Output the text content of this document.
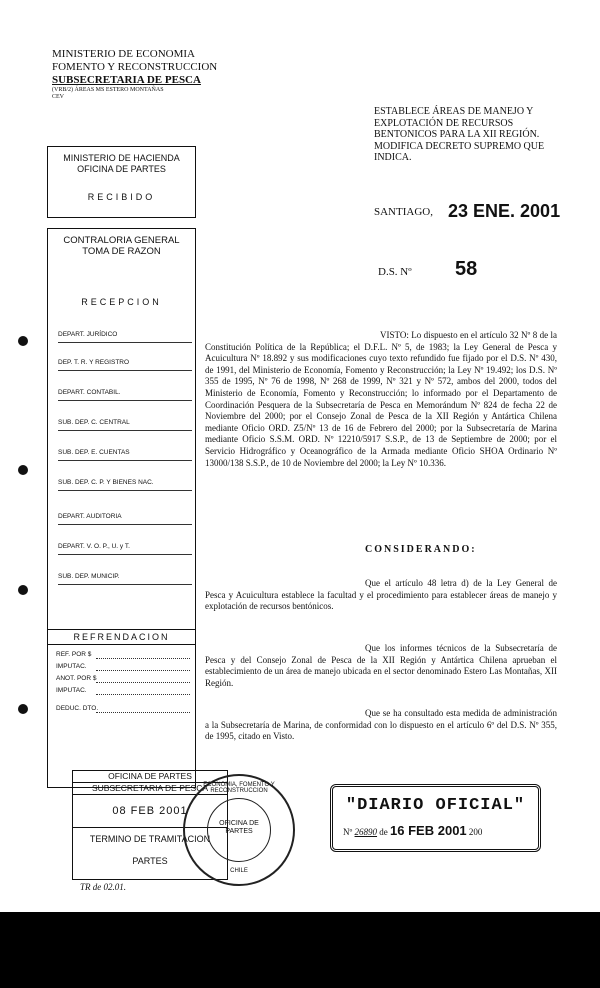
MINISTERIO DE ECONOMIA
FOMENTO Y RECONSTRUCCION
SUBSECRETARIA DE PESCA
(VRB/2) ÁREAS MS ESTERO MONTAÑAS
CEV
ESTABLECE ÁREAS DE MANEJO Y EXPLOTACIÓN DE RECURSOS BENTONICOS PARA LA XII REGIÓN. MODIFICA DECRETO SUPREMO QUE INDICA.
MINISTERIO DE HACIENDA
OFICINA DE PARTES
RECIBIDO
CONTRALORIA GENERAL
TOMA DE RAZON
RECEPCION
DEPART. JURÍDICO
DEP. T. R. Y REGISTRO
DEPART. CONTABIL.
SUB. DEP. C. CENTRAL
SUB. DEP. E. CUENTAS
SUB. DEP. C. P. Y BIENES NAC.
DEPART. AUDITORIA
DEPART. V. O. P., U. y T.
SUB. DEP. MUNICIP.
REFRENDACION
REF. POR $
IMPUTAC.
ANOT. POR $
IMPUTAC.
DEDUC. DTO.
SANTIAGO, 23 ENE. 2001
D.S. Nº 58

VISTO: Lo dispuesto en el artículo 32 Nº 8 de la Constitución Política de la República; el D.F.L. Nº 5, de 1983; la Ley General de Pesca y Acuicultura Nº 18.892 y sus modificaciones cuyo texto refundido fue fijado por el D.S. Nº 430, de 1991, del Ministerio de Economía, Fomento y Reconstrucción; la Ley Nº 19.492; los D.S. Nº 355 de 1995, Nº 76 de 1998, Nº 268 de 1999, Nº 321 y Nº 572, ambos del 2000, todos del Ministerio de Economía, Fomento y Reconstrucción; lo informado por el Departamento de Coordinación Pesquera de la Subsecretaría de Pesca en Memorándum Nº 824 de fecha 22 de Noviembre del 2000; por el Consejo Zonal de Pesca de la XII Región y Antártica Chilena mediante Oficio ORD. Z5/Nº 13 de 16 de Febrero del 2000; por la Subsecretaría de Marina mediante Oficio S.S.M. ORD. Nº 12210/5917 S.S.P., de 13 de Septiembre de 2000; por el Servicio Hidrográfico y Oceanográfico de la Armada mediante Oficio SHOA Ordinario Nº 13000/138 S.S.P., de 10 de Noviembre del 2000; la Ley Nº 10.336.

CONSIDERANDO:

Que el artículo 48 letra d) de la Ley General de Pesca y Acuicultura establece la facultad y el procedimiento para establecer áreas de manejo y explotación de recursos bentónicos.

Que los informes técnicos de la Subsecretaría de Pesca y del Consejo Zonal de Pesca de la XII Región y Antártica Chilena aprueban el establecimiento de un área de manejo ubicada en el sector denominado Estero Las Montañas, XII Región.

Que se ha consultado esta medida de administración a la Subsecretaría de Marina, de conformidad con lo dispuesto en el artículo 6º del D.S. Nº 355, de 1995, citado en Visto.

OFICINA DE PARTES
SUBSECRETARIA DE PESCA
08 FEB 2001
TERMINO DE TRAMITACION PARTES
TR de 02.01.
ECONOMIA, FOMENTO Y RECONSTRUCCION
OFICINA DE PARTES
CHILE
"DIARIO OFICIAL"
Nº 26890 de 16 FEB 2001 200
